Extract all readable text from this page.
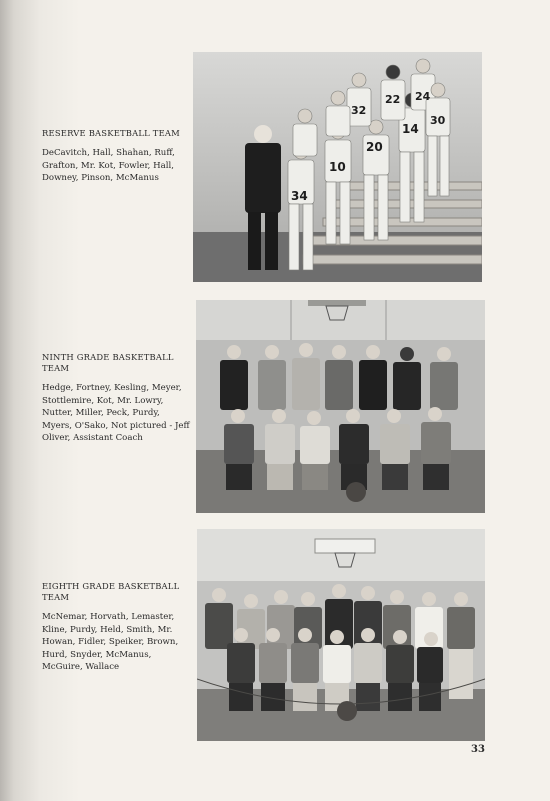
34
10
20
14
32
22 24
30
RESERVE BASKETBALL TEAM

DeCavitch, Hall, Shahan, Ruff, Grafton, Mr. Kot, Fowler, Hall, Downey, Pinson, McManus

NINTH GRADE BASKETBALL TEAM

Hedge, Fortney, Kesling, Meyer, Stottlemire, Kot, Mr. Lowry, Nutter, Miller, Peck, Purdy, Myers, O'Sako, Not pictured - Jeff Oliver, Assistant Coach

EIGHTH GRADE BASKETBALL TEAM

McNemar, Horvath, Lemaster, Kline, Purdy, Held, Smith, Mr. Howan, Fidler, Speiker, Brown, Hurd, Snyder, McManus, McGuire, Wallace

33
